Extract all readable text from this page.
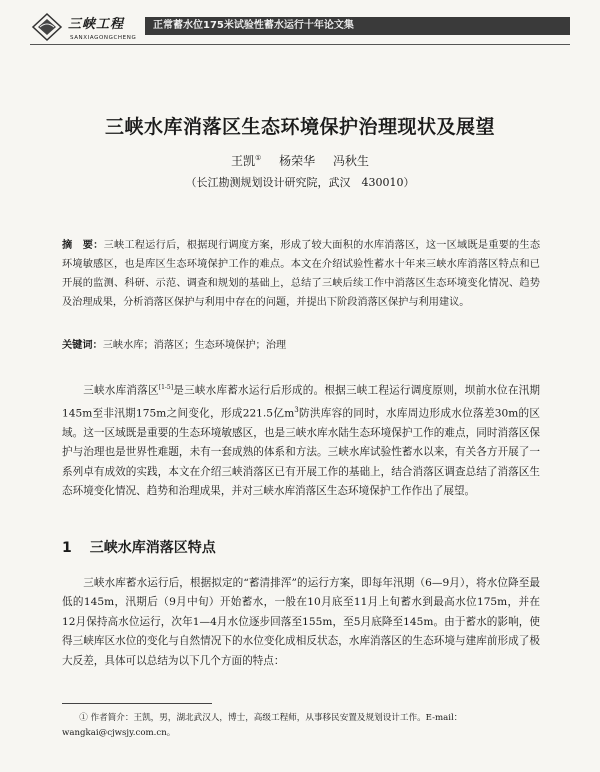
三峡工程
SANXIAGONGCHENG
正常蓄水位175米试验性蓄水运行十年论文集
三峡水库消落区生态环境保护治理现状及展望
王凯① 杨荣华 冯秋生
（长江勘测规划设计研究院，武汉　430010）
摘　要：三峡工程运行后，根据现行调度方案，形成了较大面积的水库消落区，这一区域既是重要的生态环境敏感区，也是库区生态环境保护工作的难点。本文在介绍试验性蓄水十年来三峡水库消落区特点和已开展的监测、科研、示范、调查和规划的基础上，总结了三峡后续工作中消落区生态环境变化情况、趋势及治理成果，分析消落区保护与利用中存在的问题，并提出下阶段消落区保护与利用建议。
关键词：三峡水库；消落区；生态环境保护；治理
三峡水库消落区[1-5]是三峡水库蓄水运行后形成的。根据三峡工程运行调度原则，坝前水位在汛期145m至非汛期175m之间变化，形成221.5亿$m^3$防洪库容的同时，水库周边形成水位落差30m的区域。这一区域既是重要的生态环境敏感区，也是三峡水库水陆生态环境保护工作的难点，同时消落区保护与治理也是世界性难题，未有一套成熟的体系和方法。三峡水库试验性蓄水以来，有关各方开展了一系列卓有成效的实践，本文在介绍三峡消落区已有开展工作的基础上，结合消落区调查总结了消落区生态环境变化情况、趋势和治理成果，并对三峡水库消落区生态环境保护工作作出了展望。
1 三峡水库消落区特点
三峡水库蓄水运行后，根据拟定的“蓄清排浑”的运行方案，即每年汛期（6—9月），将水位降至最低的145m，汛期后（9月中旬）开始蓄水，一般在10月底至11月上旬蓄水到最高水位175m，并在12月保持高水位运行，次年1—4月水位逐步回落至155m，至5月底降至145m。由于蓄水的影响，使得三峡库区水位的变化与自然情况下的水位变化成相反状态，水库消落区的生态环境与建库前形成了极大反差，具体可以总结为以下几个方面的特点：
① 作者简介：王凯，男，湖北武汉人，博士，高级工程师，从事移民安置及规划设计工作。E-mail：wangkai@cjwsjy.com.cn。
